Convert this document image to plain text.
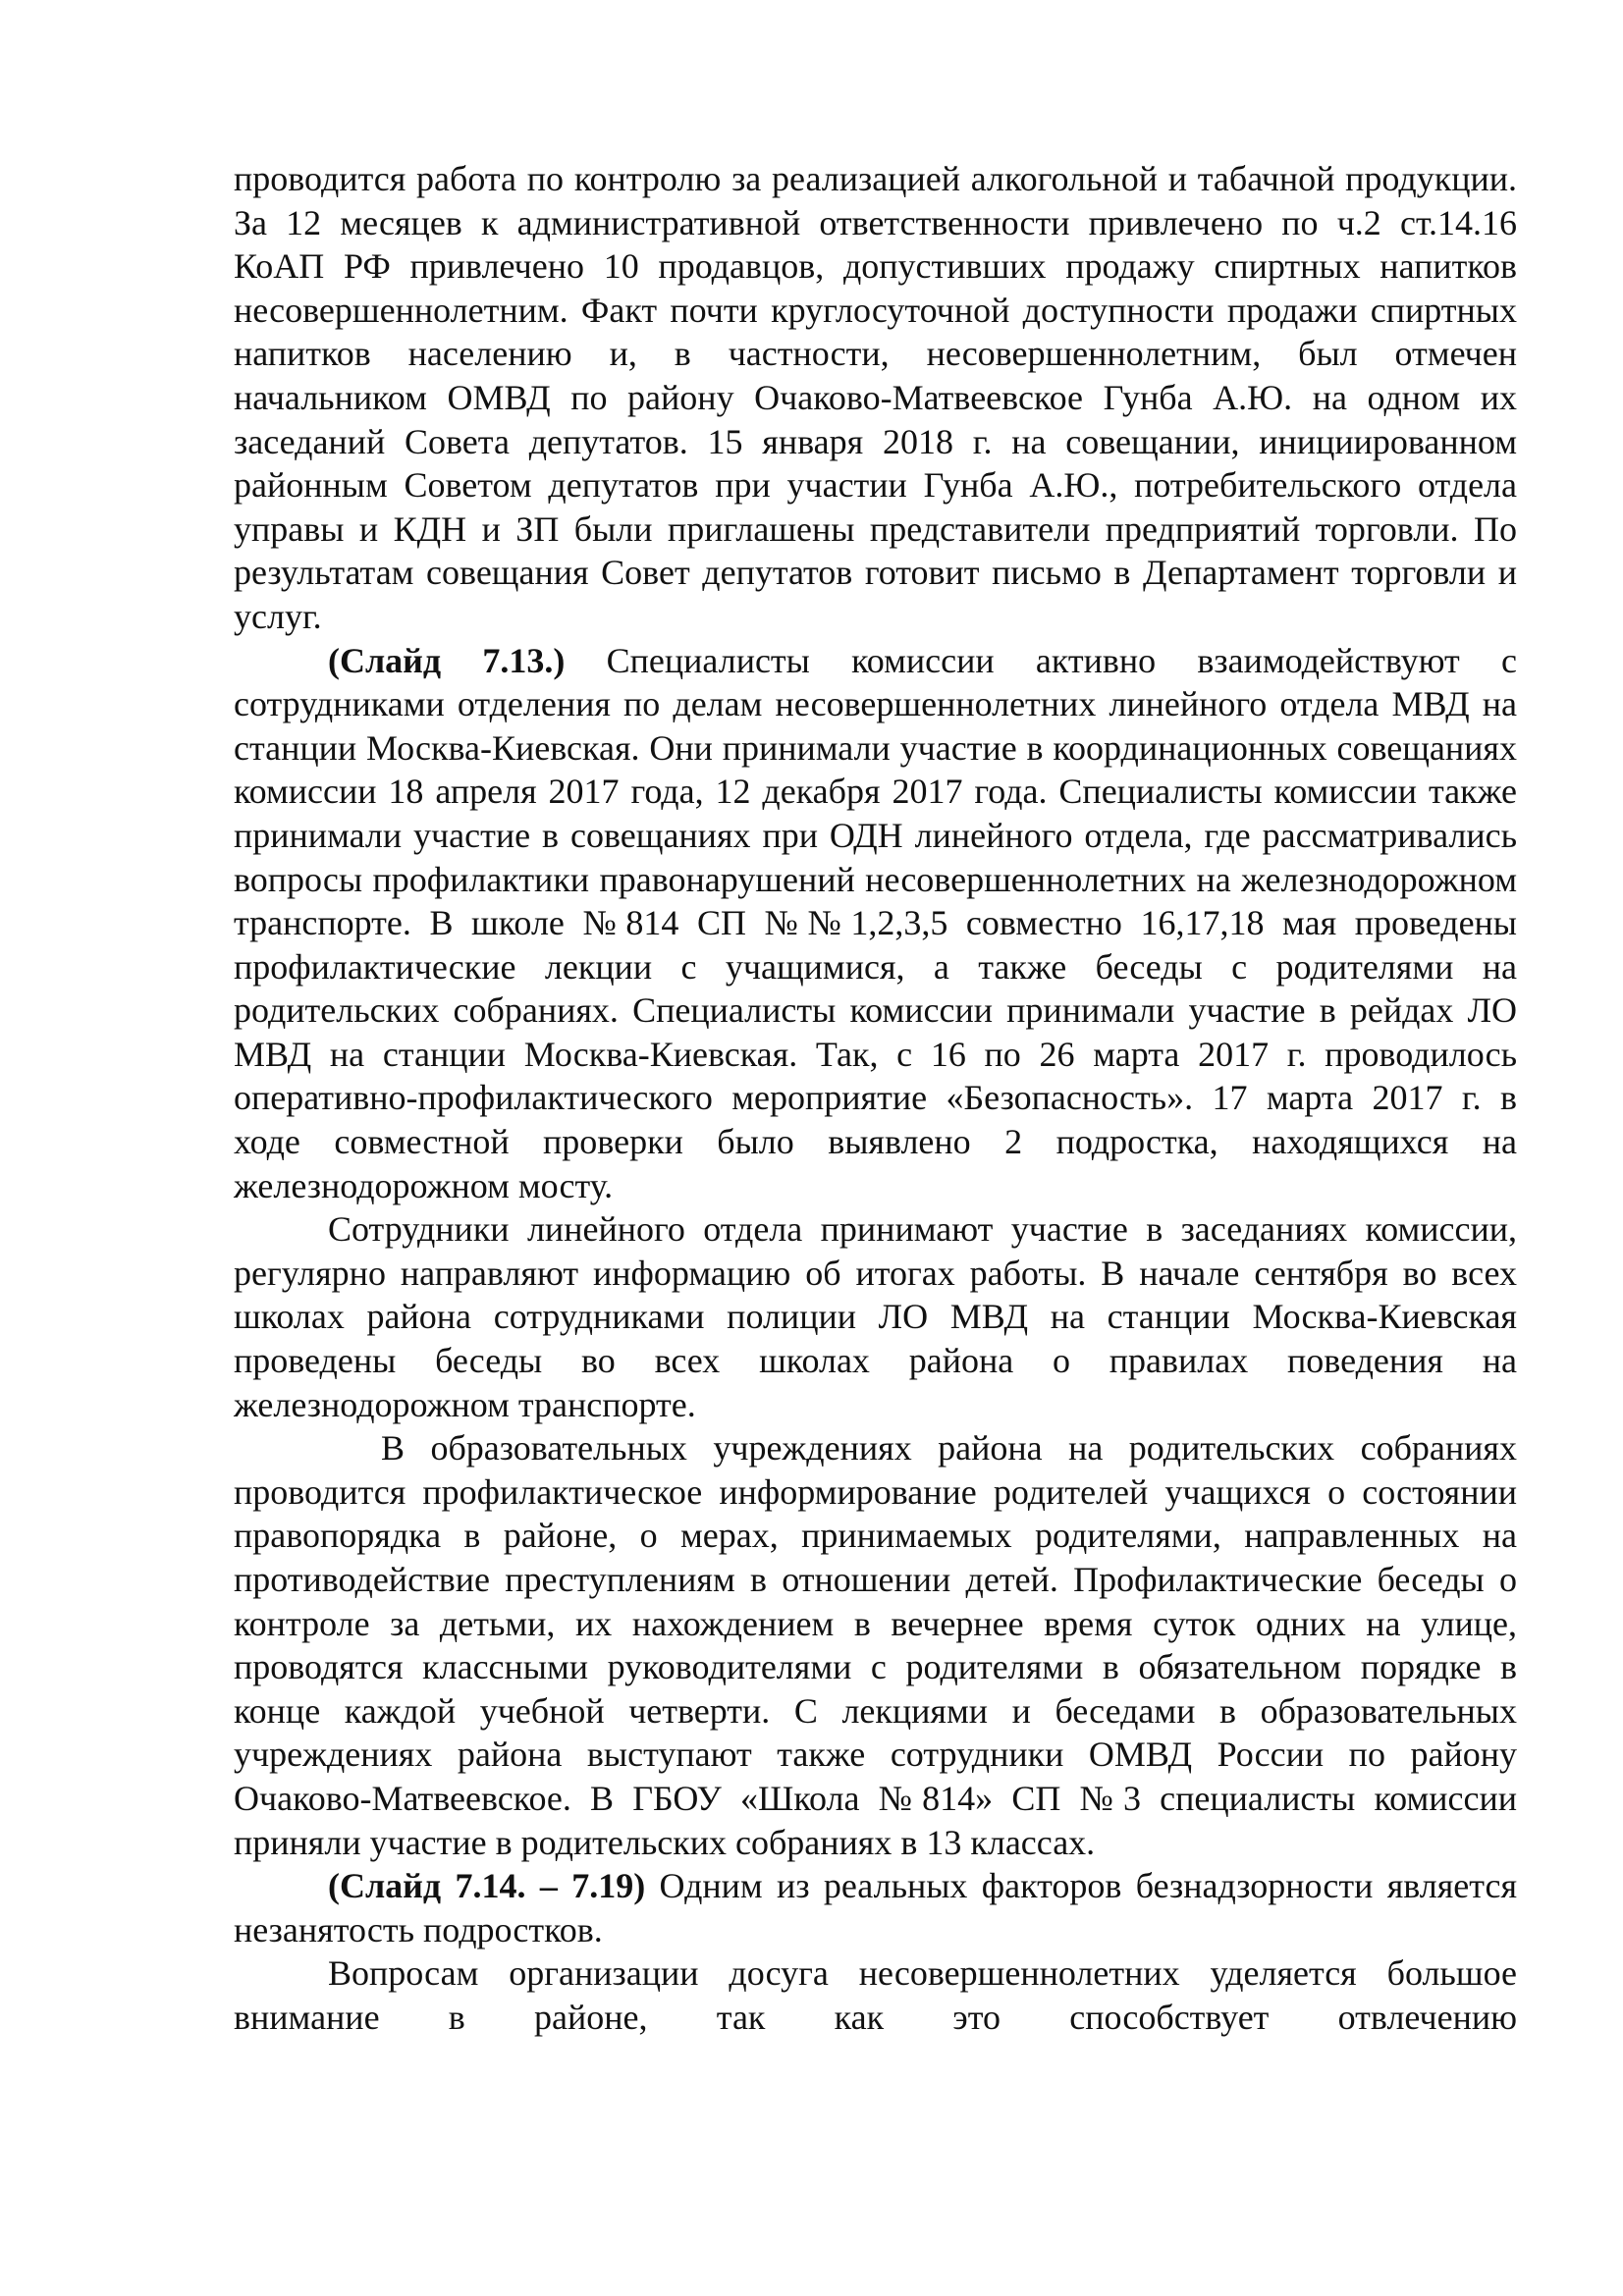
проводится работа по контролю за реализацией алкогольной и табачной продукции. За 12 месяцев к административной ответственности привлечено по ч.2 ст.14.16 КоАП РФ привлечено 10 продавцов, допустивших продажу спиртных напитков несовершеннолетним. Факт почти круглосуточной доступности продажи спиртных напитков населению и, в частности, несовершеннолетним, был отмечен начальником ОМВД по району Очаково-Матвеевское Гунба А.Ю. на одном их заседаний Совета депутатов. 15 января 2018 г. на совещании, инициированном районным Советом депутатов при участии Гунба А.Ю., потребительского отдела управы и КДН и ЗП были приглашены представители предприятий торговли. По результатам совещания Совет депутатов готовит письмо в Департамент торговли и услуг.

(Слайд 7.13.) Специалисты комиссии активно взаимодействуют с сотрудниками отделения по делам несовершеннолетних линейного отдела МВД на станции Москва-Киевская. Они принимали участие в координационных совещаниях комиссии 18 апреля 2017 года, 12 декабря 2017 года. Специалисты комиссии также принимали участие в совещаниях при ОДН линейного отдела, где рассматривались вопросы профилактики правонарушений несовершеннолетних на железнодорожном транспорте. В школе №814 СП №№1,2,3,5 совместно 16,17,18 мая проведены профилактические лекции с учащимися, а также беседы с родителями на родительских собраниях. Специалисты комиссии принимали участие в рейдах ЛО МВД на станции Москва-Киевская. Так, с 16 по 26 марта 2017 г. проводилось оперативно-профилактического мероприятие «Безопасность». 17 марта 2017 г. в ходе совместной проверки было выявлено 2 подростка, находящихся на железнодорожном мосту.

Сотрудники линейного отдела принимают участие в заседаниях комиссии, регулярно направляют информацию об итогах работы. В начале сентября во всех школах района сотрудниками полиции ЛО МВД на станции Москва-Киевская проведены беседы во всех школах района о правилах поведения на железнодорожном транспорте.

В образовательных учреждениях района на родительских собраниях проводится профилактическое информирование родителей учащихся о состоянии правопорядка в районе, о мерах, принимаемых родителями, направленных на противодействие преступлениям в отношении детей. Профилактические беседы о контроле за детьми, их нахождением в вечернее время суток одних на улице, проводятся классными руководителями с родителями в обязательном порядке в конце каждой учебной четверти. С лекциями и беседами в образовательных учреждениях района выступают также сотрудники ОМВД России по району Очаково-Матвеевское. В ГБОУ «Школа №814» СП №3 специалисты комиссии приняли участие в родительских собраниях в 13 классах.

(Слайд 7.14. – 7.19) Одним из реальных факторов безнадзорности является незанятость подростков.

Вопросам организации досуга несовершеннолетних уделяется большое внимание в районе, так как это способствует отвлечению
